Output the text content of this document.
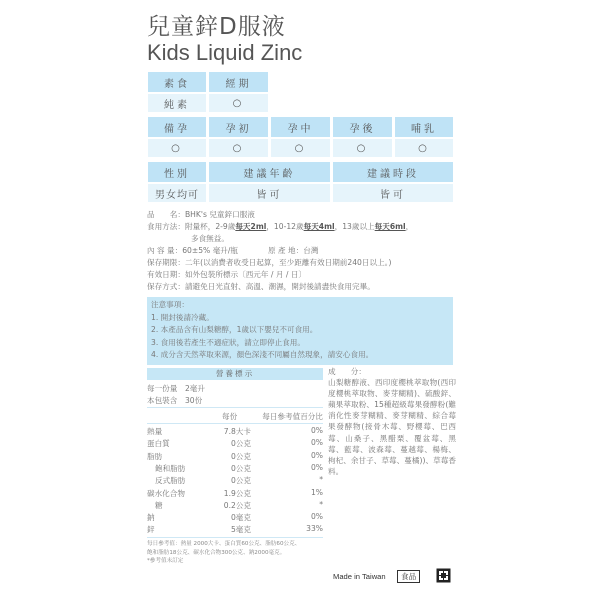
兒童鋅D服液
Kids Liquid Zinc
素食	經期
純素	○
備孕	孕初	孕中	孕後	哺乳
○	○	○	○	○
性別	建議年齡	建議時段
男女均可	皆可	皆可
品　　名：BHK's 兒童鋅口服液
食用方法：附量杯，2-9歲每天2ml，10-12歲每天4ml，13歲以上每天6ml，
多食無益。
內 容 量：60±5% 毫升/瓶	原 產 地：台灣
保存期限：二年(以消費者收受日起算，至少距離有效日期前240日以上。)
有效日期：如外包裝所標示〔西元年 / 月 / 日〕
保存方式：請避免日光直射、高溫、潮濕，開封後請盡快食用完畢。
注意事項：
1. 開封後請冷藏。
2. 本產品含有山梨糖醇，1歲以下嬰兒不可食用。
3. 食用後若產生不適症狀，請立即停止食用。
4. 成分含天然萃取來源，顏色深淺不同屬自然現象，請安心食用。
營養標示
每一份量　2毫升
本包裝含　30份
每份	每日參考值百分比
熱量	7.8大卡	0%
蛋白質	0公克	0%
脂肪	0公克	0%
飽和脂肪	0公克	0%
反式脂肪	0公克	*
碳水化合物	1.9公克	1%
糖	0.2公克	*
鈉	0毫克	0%
鋅	5毫克	33%
成　　分：
山梨糖醇液、西印度櫻桃萃取物(西印度櫻桃萃取物、麥芽糊精)、硫酸鋅、蘋果萃取粉、15種超級莓果發酵粉(難消化性麥芽糊精、麥芽糊精、綜合莓果發酵物(接骨木莓、野櫻莓、巴西莓、山桑子、黑醋栗、覆盆莓、黑莓、藍莓、波森莓、蔓越莓、楊梅、枸杞、余甘子、草莓、蔓橘))、草莓香料。
每日參考值：熱量 2000大卡、蛋白質60公克、脂肪60公克、
飽和脂肪18公克、碳水化合物300公克、鈉2000毫克。
*參考值未訂定
Made in Taiwan	食品
